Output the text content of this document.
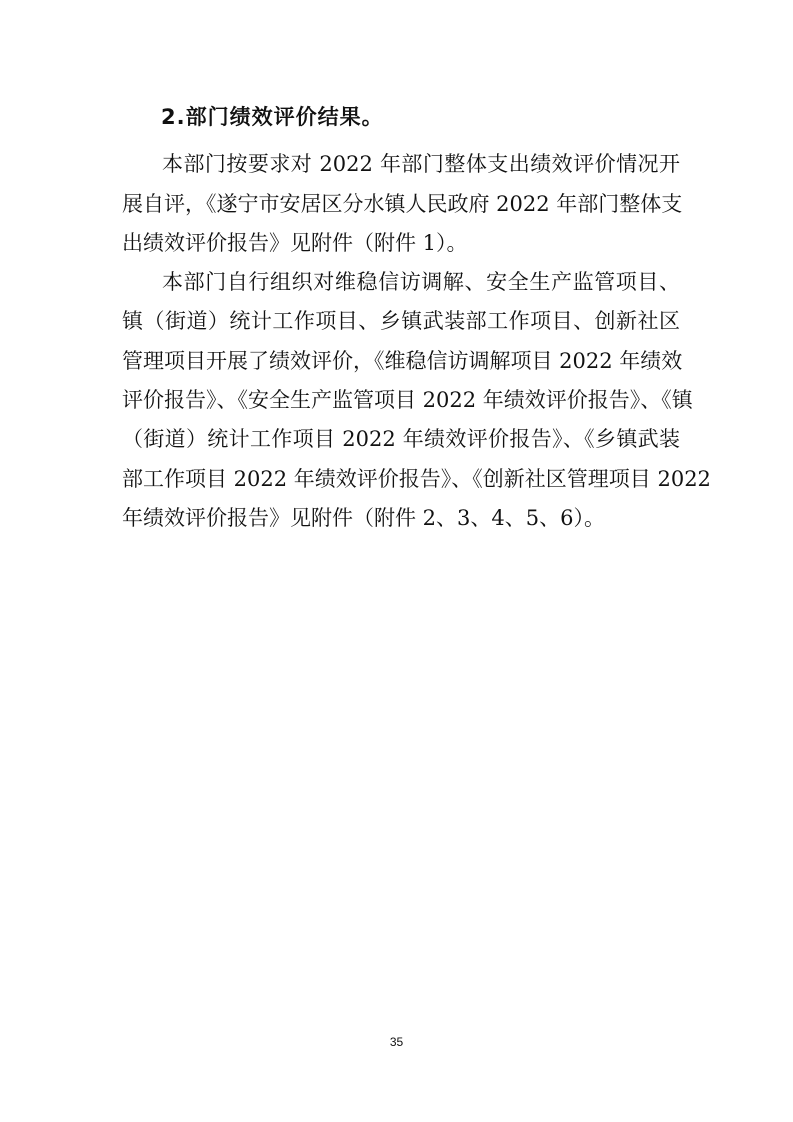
2.部门绩效评价结果。

本部门按要求对 2022 年部门整体支出绩效评价情况开

展自评，《遂宁市安居区分水镇人民政府 2022 年部门整体支

出绩效评价报告》见附件（附件 1）。

本部门自行组织对维稳信访调解、安全生产监管项目、

镇（街道）统计工作项目、乡镇武装部工作项目、创新社区

管理项目开展了绩效评价，《维稳信访调解项目 2022 年绩效

评价报告》、《安全生产监管项目 2022 年绩效评价报告》、《镇

（街道）统计工作项目 2022 年绩效评价报告》、《乡镇武装

部工作项目 2022 年绩效评价报告》、《创新社区管理项目 2022

年绩效评价报告》见附件（附件 2、3、4、5、6）。

35
